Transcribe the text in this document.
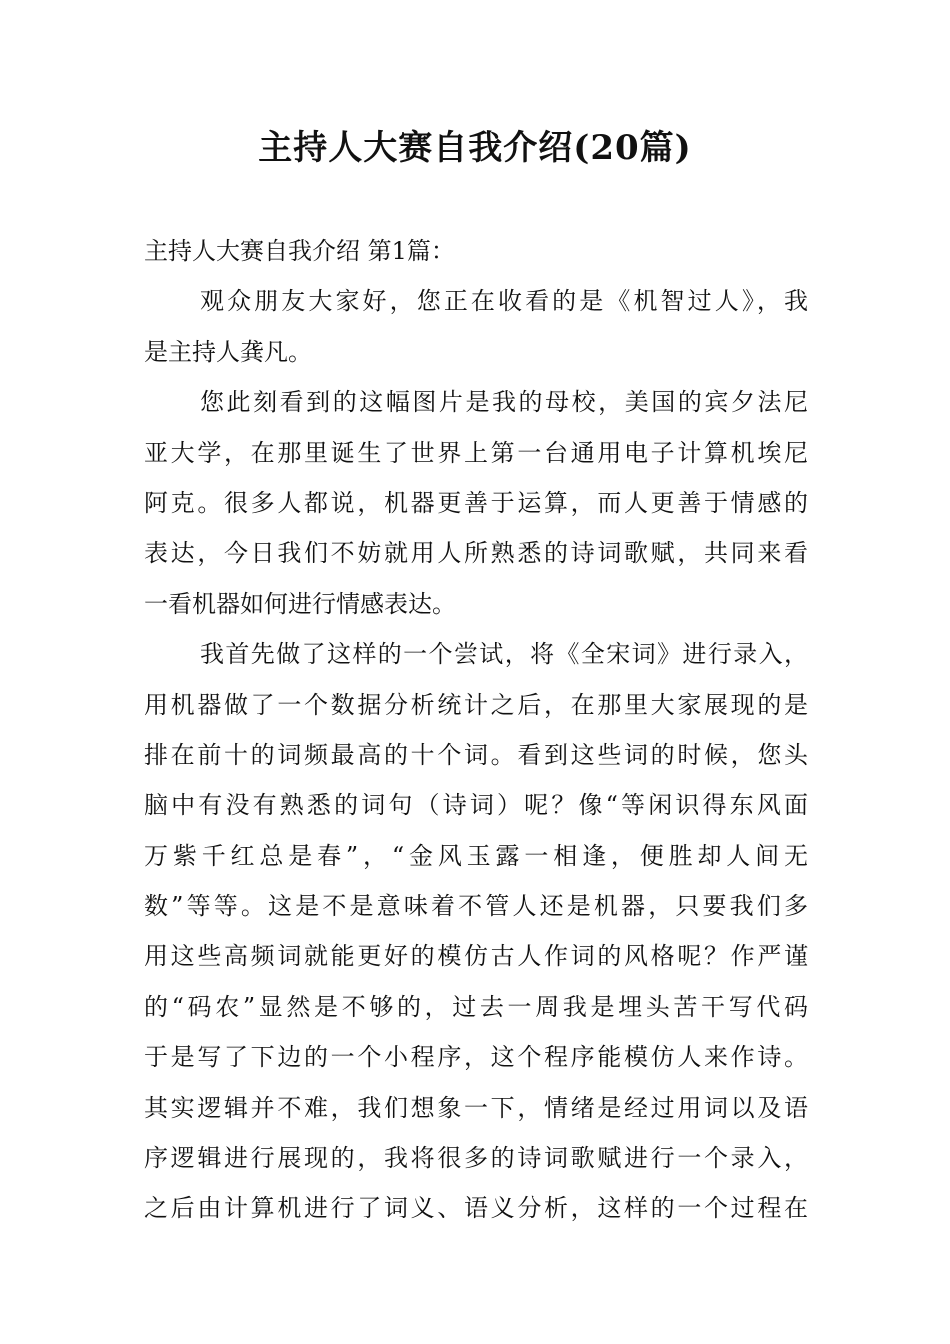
主持人大赛自我介绍(20篇)

主持人大赛自我介绍 第1篇：

观众朋友大家好，您正在收看的是《机智过人》，我

是主持人龚凡。

您此刻看到的这幅图片是我的母校，美国的宾夕法尼

亚大学，在那里诞生了世界上第一台通用电子计算机埃尼

阿克。很多人都说，机器更善于运算，而人更善于情感的

表达，今日我们不妨就用人所熟悉的诗词歌赋，共同来看

一看机器如何进行情感表达。

我首先做了这样的一个尝试，将《全宋词》进行录入，

用机器做了一个数据分析统计之后，在那里大家展现的是

排在前十的词频最高的十个词。看到这些词的时候，您头

脑中有没有熟悉的词句（诗词）呢？像“等闲识得东风面

万紫千红总是春”，“金风玉露一相逢，便胜却人间无

数”等等。这是不是意味着不管人还是机器，只要我们多

用这些高频词就能更好的模仿古人作词的风格呢？作严谨

的“码农”显然是不够的，过去一周我是埋头苦干写代码

于是写了下边的一个小程序，这个程序能模仿人来作诗。

其实逻辑并不难，我们想象一下，情绪是经过用词以及语

序逻辑进行展现的，我将很多的诗词歌赋进行一个录入，

之后由计算机进行了词义、语义分析，这样的一个过程在
